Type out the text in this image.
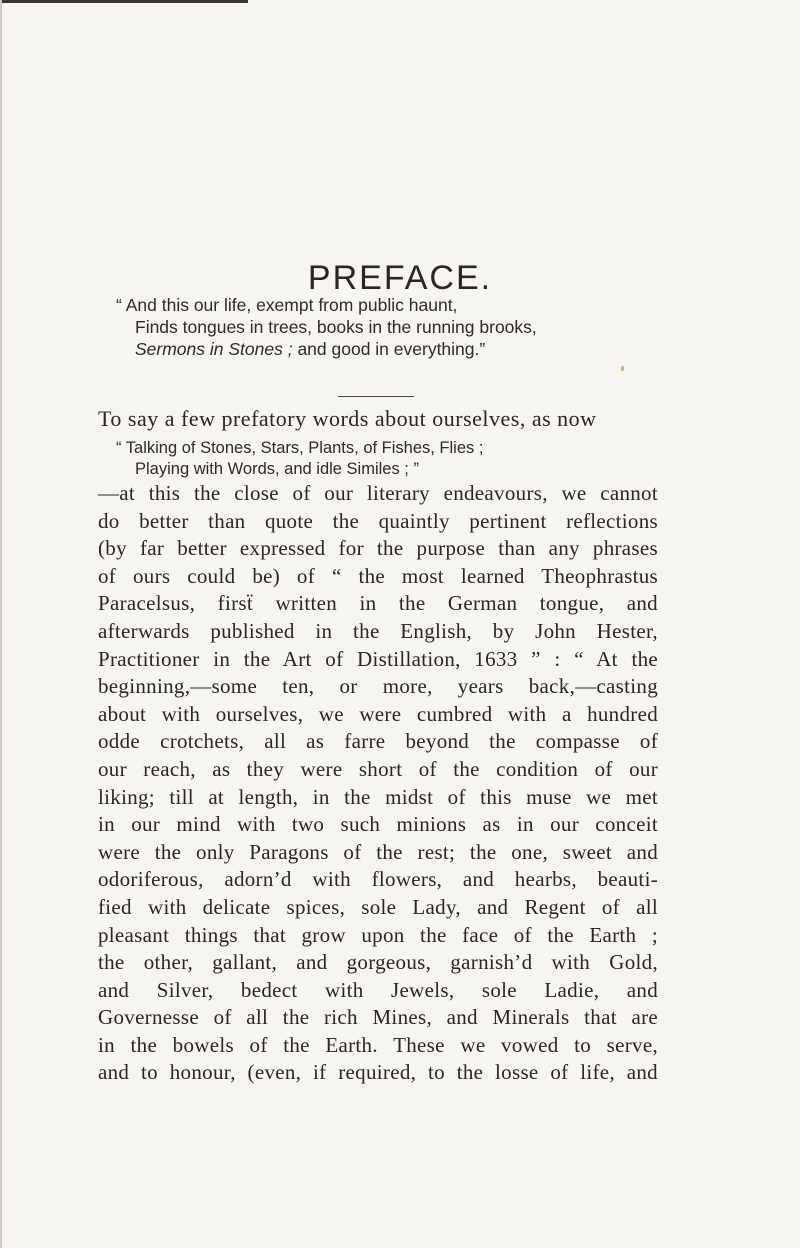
PREFACE.
“ And this our life, exempt from public haunt,
Finds tongues in trees, books in the running brooks,
Sermons in Stones ; and good in everything.”
To say a few prefatory words about ourselves, as now
“ Talking of Stones, Stars, Plants, of Fishes, Flies ;
Playing with Words, and idle Similes ; ”
—at this the close of our literary endeavours, we cannot
do better than quote the quaintly pertinent reflections
(by far better expressed for the purpose than any phrases
of ours could be) of “ the most learned Theophrastus
Paracelsus, firsẗ written in the German tongue, and
afterwards published in the English, by John Hester,
Practitioner in the Art of Distillation, 1633 ” : “ At the
beginning,—some ten, or more, years back,—casting
about with ourselves, we were cumbred with a hundred
odde crotchets, all as farre beyond the compasse of
our reach, as they were short of the condition of our
liking; till at length, in the midst of this muse we met
in our mind with two such minions as in our conceit
were the only Paragons of the rest; the one, sweet and
odoriferous, adorn’d with flowers, and hearbs, beauti-
fied with delicate spices, sole Lady, and Regent of all
pleasant things that grow upon the face of the Earth ;
the other, gallant, and gorgeous, garnish’d with Gold,
and Silver, bedect with Jewels, sole Ladie, and
Governesse of all the rich Mines, and Minerals that are
in the bowels of the Earth. These we vowed to serve,
and to honour, (even, if required, to the losse of life, and
